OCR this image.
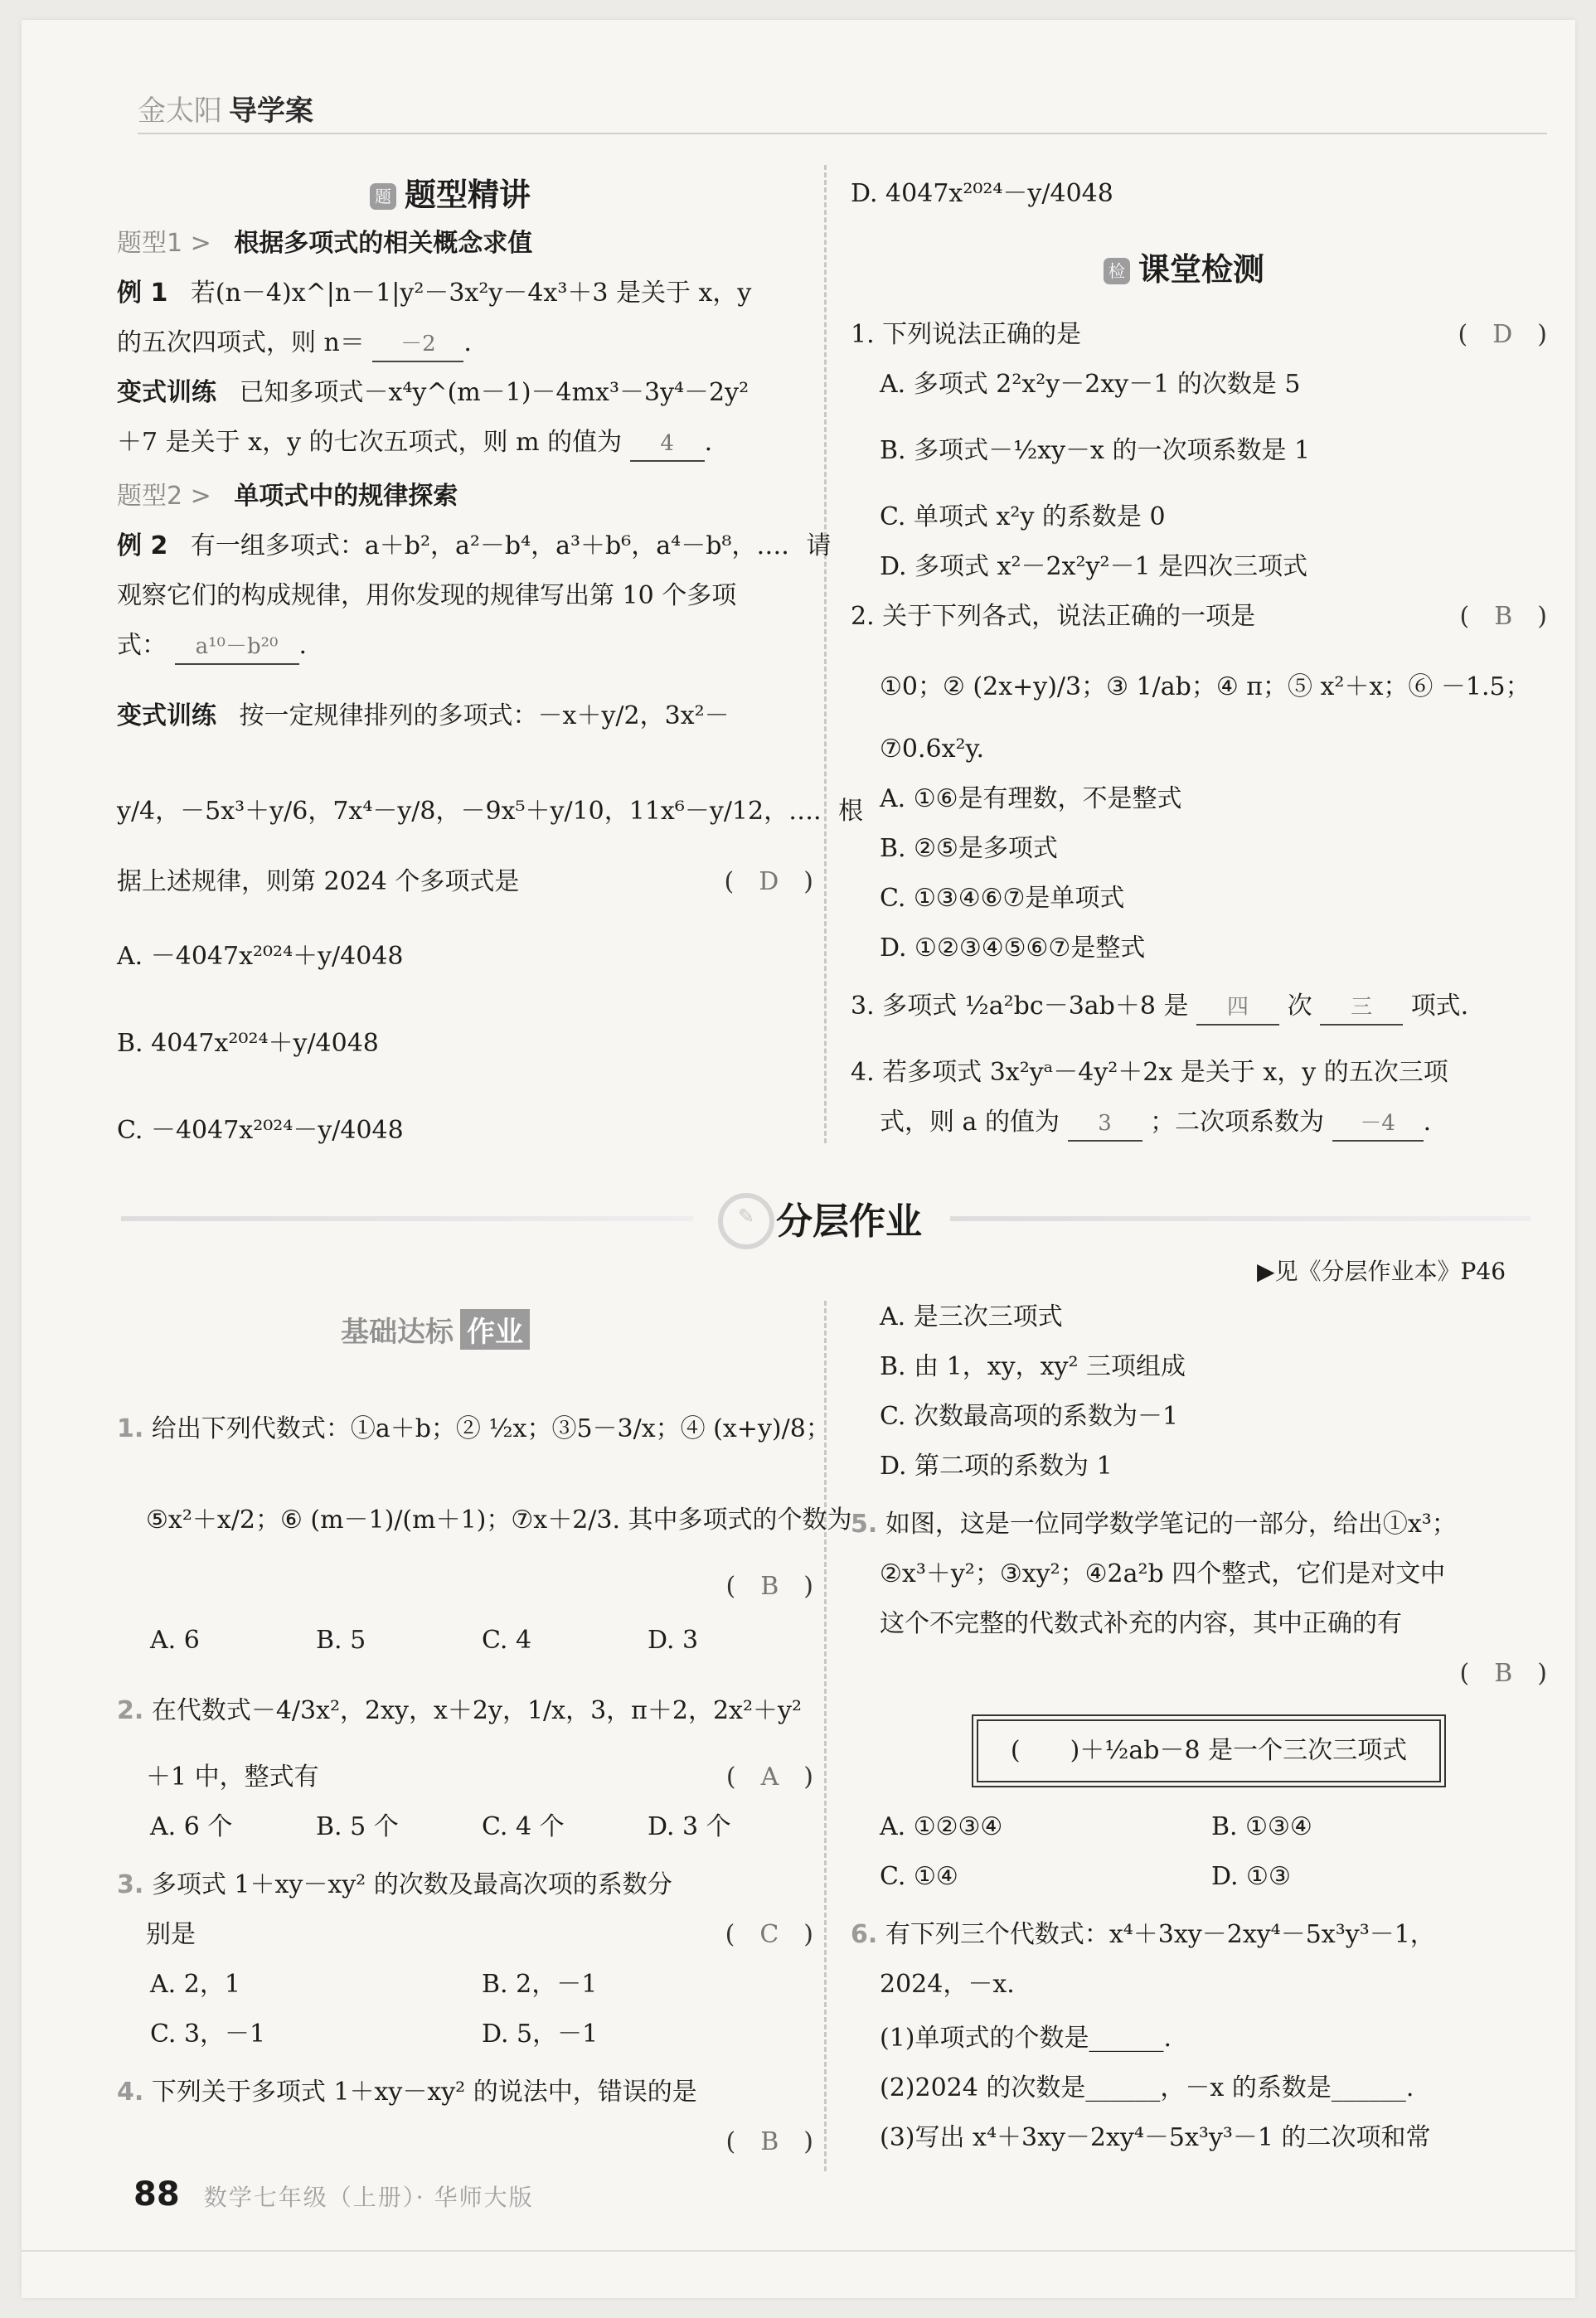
金太阳 导学案
题 题型精讲
题型1 > 根据多项式的相关概念求值
例 1 若(n－4)x^|n－1|y²－3x²y－4x³＋3 是关于 x，y
的五次四项式，则 n＝ －2 .
变式训练 已知多项式－x⁴y^(m－1)－4mx³－3y⁴－2y²
＋7 是关于 x，y 的七次五项式，则 m 的值为 4 .
题型2 > 单项式中的规律探索
例 2 有一组多项式：a＋b²，a²－b⁴，a³＋b⁶，a⁴－b⁸，…．请
观察它们的构成规律，用你发现的规律写出第 10 个多项
式： a¹⁰－b²⁰ .
变式训练 按一定规律排列的多项式：－x＋y/2，3x²－
y/4，－5x³＋y/6，7x⁴－y/8，－9x⁵＋y/10，11x⁶－y/12，…．根
据上述规律，则第 2024 个多项式是	(　D　)
A. －4047x²⁰²⁴＋y/4048
B. 4047x²⁰²⁴＋y/4048
C. －4047x²⁰²⁴－y/4048
D. 4047x²⁰²⁴－y/4048
检 课堂检测
1. 下列说法正确的是	(　D　)
A. 多项式 2²x²y－2xy－1 的次数是 5
B. 多项式－½xy－x 的一次项系数是 1
C. 单项式 x²y 的系数是 0
D. 多项式 x²－2x²y²－1 是四次三项式
2. 关于下列各式，说法正确的一项是	(　B　)
①0；② (2x+y)/3；③ 1/ab；④ π；⑤ x²＋x；⑥ －1.5；
⑦0.6x²y.
A. ①⑥是有理数，不是整式
B. ②⑤是多项式
C. ①③④⑥⑦是单项式
D. ①②③④⑤⑥⑦是整式
3. 多项式 ½a²bc－3ab＋8 是 四 次 三 项式.
4. 若多项式 3x²yᵃ－4y²＋2x 是关于 x，y 的五次三项
式，则 a 的值为 3 ；二次项系数为 －4 .
✎ 分层作业
▶见《分层作业本》P46
基础达标 作业
1. 给出下列代数式：①a＋b；② ½x；③5－3/x；④ (x+y)/8；
⑤x²＋x/2；⑥ (m－1)/(m＋1)；⑦x＋2/3. 其中多项式的个数为
(　B　)
A. 6	B. 5	C. 4	D. 3
2. 在代数式－4/3x²，2xy，x＋2y，1/x，3，π＋2，2x²＋y²
＋1 中，整式有	(　A　)
A. 6 个	B. 5 个	C. 4 个	D. 3 个
3. 多项式 1＋xy－xy² 的次数及最高次项的系数分
别是	(　C　)
A. 2，1	B. 2，－1
C. 3，－1	D. 5，－1
4. 下列关于多项式 1＋xy－xy² 的说法中，错误的是
(　B　)
A. 是三次三项式
B. 由 1，xy，xy² 三项组成
C. 次数最高项的系数为－1
D. 第二项的系数为 1
5. 如图，这是一位同学数学笔记的一部分，给出①x³；
②x³＋y²；③xy²；④2a²b 四个整式，它们是对文中
这个不完整的代数式补充的内容，其中正确的有
(　B　)
(　　)＋½ab－8 是一个三次三项式
A. ①②③④	B. ①③④
C. ①④	D. ①③
6. 有下列三个代数式：x⁴＋3xy－2xy⁴－5x³y³－1，
2024，－x.
(1)单项式的个数是______.
(2)2024 的次数是______，－x 的系数是______.
(3)写出 x⁴＋3xy－2xy⁴－5x³y³－1 的二次项和常
88 数学七年级（上册）· 华师大版
